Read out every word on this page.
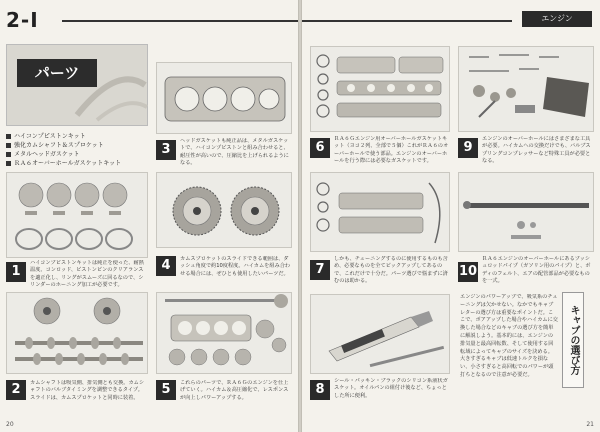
2-I
パーツ
ハイコンプピストンキット
強化カムシャフト＆スプロケット
メタルヘッドガスケット
ＲＡ６オーバーホールガスケットキット
1
ハイコンプピストンキットは純正を使った、耐熱温度、コンロッド、ピストンピンのクリアランスを適正化し、リングがスムーズに回るなので、シリンダーのホーニング加工が必要です。
2	カムシャフトは吸気側、排気側とも交換。カムシャフトのバルブタイミングを調整できるタイプ。スライドは、カムスプロケットと同時に装着。
3
ヘッドガスケットも純正品は、メタルガスケットで、ハイコンプピストンと組み合わせると、耐圧性が高いので、圧縮比を上げられるようになる。
4	カムスプロケットのスライドできる範囲は、ダッシュ角度で約10度程度。ハイカムを組み合わせる場合には、ぜひとも使用したいパーツだ。
5	これらのパーツで、ＲＡ６Ｇのエンジンを仕上げていく。ハイカム＆高圧縮化で、レスポンスが向上しパワーアップする。
20
エンジン
6
ＲＡ６Ｇエンジン用オーバーホールガスケットキット（ヨコ２列、全部で５個）これがＲＡ６のオーバーホールで使う部品。エンジンのオーバーホールを行う際には必要なガスケットです。
7
しかも、チューニングするのに使用するものも含め、必要なものを全てピックアップしてあるので、これだけで十分だ。パーツ選びで悩まずに済むのは助かる。
8
シール・パッキン・ブラックのシリコン系液状ガスケット。オイルパンの組付け後など、ちょっとした所に便利。
9
エンジンのオーバーホールにはさまざまな工具が必要。ハイカムへの交換だけでも、バルブスプリングコンプレッサーなど特殊工具が必要となる。
10
ＲＡ６エンジンのオーバーホールにあるプッシュロッドパイプ（ガソリン用のパイプ）と、ボディのフェルト、エアの配管部品が必要なものを一式。
キャブの選び方
エンジンのパワーアップで、吸気系のチューニングは欠かせない。なかでもキャブレターの選び方は重要なポイントだ。ここで、ボアアップした場合やハイカムに交換した場合などのキャブの選び方を簡単に解説しよう。基本的には、エンジンの排気量と最高回転数、そして使用する回転域によってキャブのサイズを決める。大きすぎるキャブは低速トルクを損ない、小さすぎると高回転でのパワーが頭打ちとなるので注意が必要だ。
21
